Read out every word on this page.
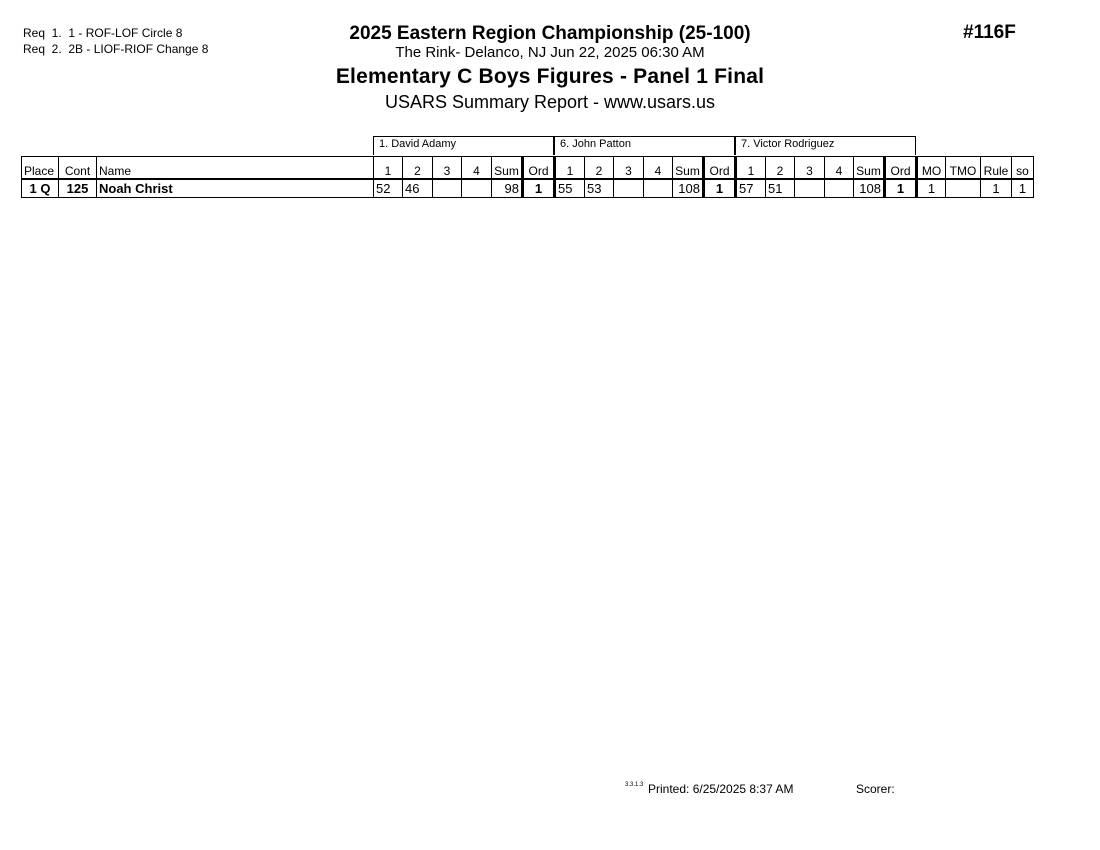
Req  1.  1 - ROF-LOF Circle 8
Req  2.  2B - LIOF-RIOF Change 8
2025 Eastern Region Championship (25-100)
The Rink- Delanco, NJ Jun 22, 2025 06:30 AM
Elementary C Boys Figures - Panel 1 Final
USARS Summary Report - www.usars.us
#116F
1. David Adamy	6. John Patton	7. Victor Rodriguez
Place	Cont	Name	1	2	3	4	Sum	Ord	1	2	3	4	Sum	Ord	1	2	3	4	Sum	Ord	MO	TMO	Rule	so
1 Q	125	Noah Christ	52	46			98	1	55	53			108	1	57	51			108	1	1		1	1
3.3.1.3 Printed: 6/25/2025 8:37 AM	Scorer:
